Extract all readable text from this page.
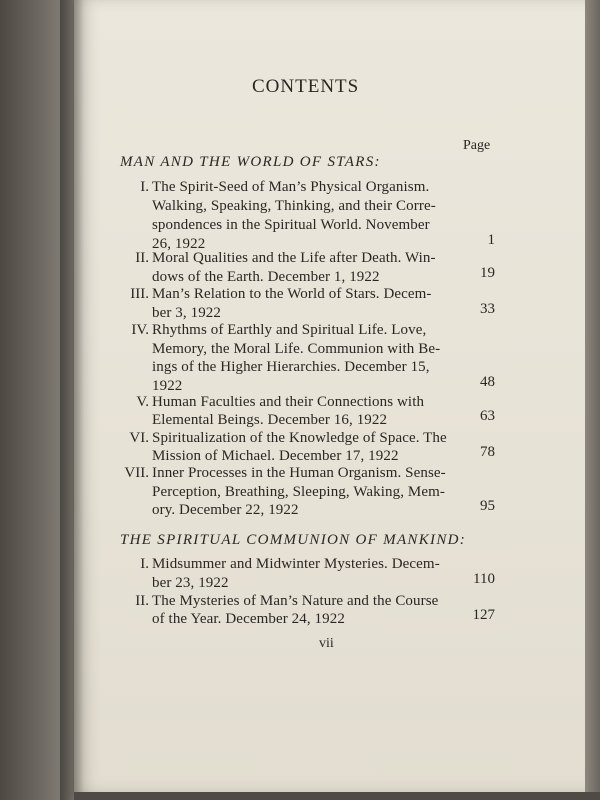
CONTENTS
Page
MAN AND THE WORLD OF STARS:
I. The Spirit-Seed of Man’s Physical Organism.
Walking, Speaking, Thinking, and their Corre-
spondences in the Spiritual World. November
26, 1922	1
II. Moral Qualities and the Life after Death. Win-
dows of the Earth. December 1, 1922	19
III. Man’s Relation to the World of Stars. Decem-
ber 3, 1922	33
IV. Rhythms of Earthly and Spiritual Life. Love,
Memory, the Moral Life. Communion with Be-
ings of the Higher Hierarchies. December 15,
1922	48
V. Human Faculties and their Connections with
Elemental Beings. December 16, 1922	63
VI. Spiritualization of the Knowledge of Space. The
Mission of Michael. December 17, 1922	78
VII. Inner Processes in the Human Organism. Sense-
Perception, Breathing, Sleeping, Waking, Mem-
ory. December 22, 1922	95
THE SPIRITUAL COMMUNION OF MANKIND:
I. Midsummer and Midwinter Mysteries. Decem-
ber 23, 1922	110
II. The Mysteries of Man’s Nature and the Course
of the Year. December 24, 1922	127
vii
